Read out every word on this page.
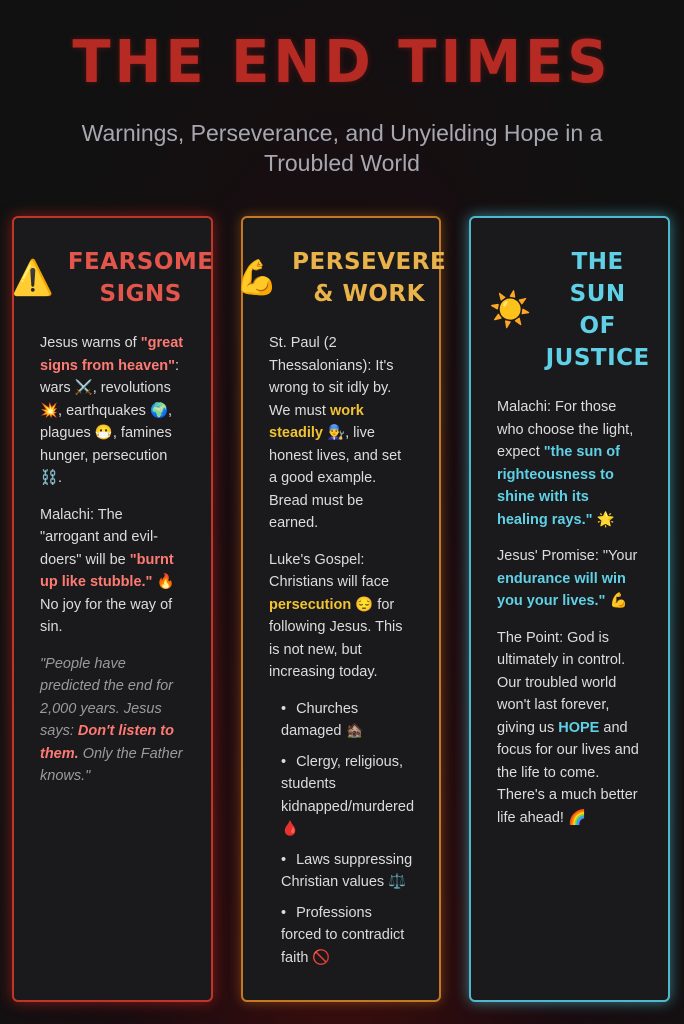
THE END TIMES
Warnings, Perseverance, and Unyielding Hope in a Troubled World
⚠️ FEARSOME
SIGNS

Jesus warns of "great signs from heaven": wars ⚔️, revolutions 💥, earthquakes 🌍, plagues 😷, famines hunger, persecution ⛓️.

Malachi: The "arrogant and evil-doers" will be "burnt up like stubble." 🔥 No joy for the way of sin.

"People have predicted the end for 2,000 years. Jesus says: Don't listen to them. Only the Father knows."

💪 PERSEVERE
& WORK

St. Paul (2 Thessalonians): It's wrong to sit idly by. We must work steadily 👨‍🔧, live honest lives, and set a good example. Bread must be earned.

Luke's Gospel: Christians will face persecution 😔 for following Jesus. This is not new, but increasing today.

• Churches damaged 🏚️
• Clergy, religious, students kidnapped/murdered 🩸
• Laws suppressing Christian values ⚖️
• Professions forced to contradict faith 🚫
☀️
THE SUN
OF
JUSTICE

Malachi: For those who choose the light, expect "the sun of righteousness to shine with its healing rays." 🌟

Jesus' Promise: "Your endurance will win you your lives." 💪

The Point: God is ultimately in control. Our troubled world won't last forever, giving us HOPE and focus for our lives and the life to come. There's a much better life ahead! 🌈
